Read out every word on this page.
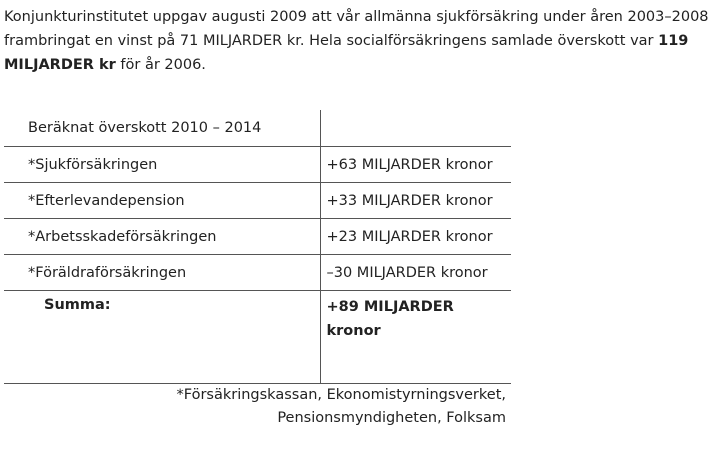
Konjunkturinstitutet uppgav augusti 2009 att vår allmänna sjukförsäkring under åren 2003–2008 frambringat en vinst på 71 MILJARDER kr. Hela socialförsäkringens samlade överskott var 119 MILJARDER kr för år 2006.

Beräknat överskott 2010 – 2014	
*Sjukförsäkringen	+63 MILJARDER kronor
*Efterlevandepension	+33 MILJARDER kronor
*Arbetsskadeförsäkringen	+23 MILJARDER kronor
*Föräldraförsäkringen	–30 MILJARDER kronor
Summa:	+89 MILJARDER kronor
*Försäkringskassan, Ekonomistyrningsverket,
Pensionsmyndigheten, Folksam
